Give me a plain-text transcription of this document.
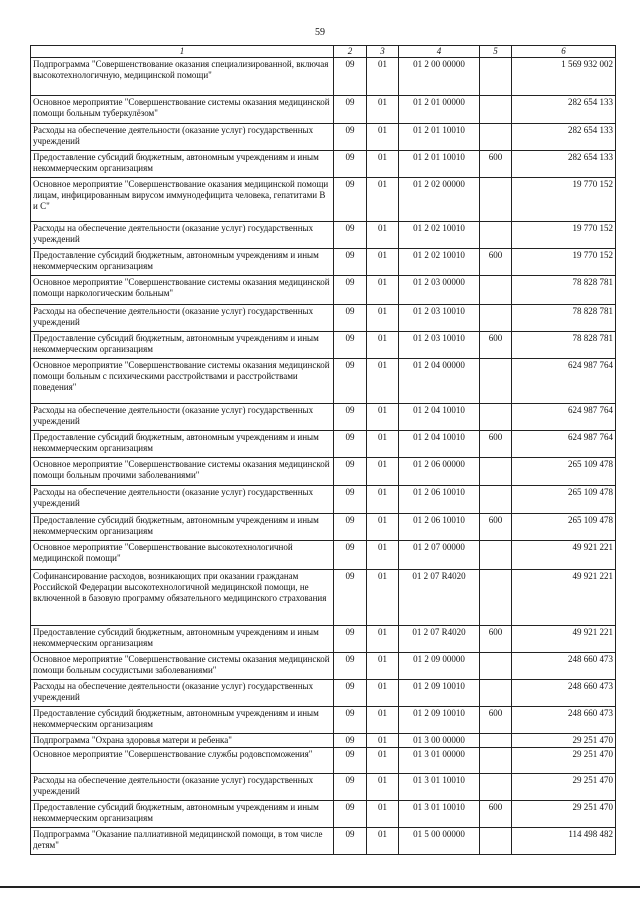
59
1	2	3	4	5	6
Подпрограмма "Совершенствование оказания специализированной, включая высокотехнологичную, медицинской помощи"	09	01	01 2 00 00000		1 569 932 002
Основное мероприятие "Совершенствование системы оказания медицинской помощи больным туберкулёзом"	09	01	01 2 01 00000		282 654 133
Расходы на обеспечение деятельности (оказание услуг) государственных учреждений	09	01	01 2 01 10010		282 654 133
Предоставление субсидий бюджетным, автономным учреждениям и иным некоммерческим организациям	09	01	01 2 01 10010	600	282 654 133
Основное мероприятие "Совершенствование оказания медицинской помощи лицам, инфицированным вирусом иммунодефицита человека, гепатитами В и С"	09	01	01 2 02 00000		19 770 152
Расходы на обеспечение деятельности (оказание услуг) государственных учреждений	09	01	01 2 02 10010		19 770 152
Предоставление субсидий бюджетным, автономным учреждениям и иным некоммерческим организациям	09	01	01 2 02 10010	600	19 770 152
Основное мероприятие "Совершенствование системы оказания медицинской помощи наркологическим больным"	09	01	01 2 03 00000		78 828 781
Расходы на обеспечение деятельности (оказание услуг) государственных учреждений	09	01	01 2 03 10010		78 828 781
Предоставление субсидий бюджетным, автономным учреждениям и иным некоммерческим организациям	09	01	01 2 03 10010	600	78 828 781
Основное мероприятие "Совершенствование системы оказания медицинской помощи больным с психическими расстройствами и расстройствами поведения"	09	01	01 2 04 00000		624 987 764
Расходы на обеспечение деятельности (оказание услуг) государственных учреждений	09	01	01 2 04 10010		624 987 764
Предоставление субсидий бюджетным, автономным учреждениям и иным некоммерческим организациям	09	01	01 2 04 10010	600	624 987 764
Основное мероприятие "Совершенствование системы оказания медицинской помощи больным прочими заболеваниями"	09	01	01 2 06 00000		265 109 478
Расходы на обеспечение деятельности (оказание услуг) государственных учреждений	09	01	01 2 06 10010		265 109 478
Предоставление субсидий бюджетным, автономным учреждениям и иным некоммерческим организациям	09	01	01 2 06 10010	600	265 109 478
Основное мероприятие "Совершенствование высокотехнологичной медицинской помощи"	09	01	01 2 07 00000		49 921 221
Софинансирование расходов, возникающих при оказании гражданам Российской Федерации высокотехнологичной медицинской помощи, не включенной в базовую программу обязательного медицинского страхования	09	01	01 2 07 R4020		49 921 221
Предоставление субсидий бюджетным, автономным учреждениям и иным некоммерческим организациям	09	01	01 2 07 R4020	600	49 921 221
Основное мероприятие "Совершенствование системы оказания медицинской помощи больным сосудистыми заболеваниями"	09	01	01 2 09 00000		248 660 473
Расходы на обеспечение деятельности (оказание услуг) государственных учреждений	09	01	01 2 09 10010		248 660 473
Предоставление субсидий бюджетным, автономным учреждениям и иным некоммерческим организациям	09	01	01 2 09 10010	600	248 660 473
Подпрограмма "Охрана здоровья матери и ребенка"	09	01	01 3 00 00000		29 251 470
Основное мероприятие "Совершенствование службы родовспоможения"	09	01	01 3 01 00000		29 251 470
Расходы на обеспечение деятельности (оказание услуг) государственных учреждений	09	01	01 3 01 10010		29 251 470
Предоставление субсидий бюджетным, автономным учреждениям и иным некоммерческим организациям	09	01	01 3 01 10010	600	29 251 470
Подпрограмма "Оказание паллиативной медицинской помощи, в том числе детям"	09	01	01 5 00 00000		114 498 482
